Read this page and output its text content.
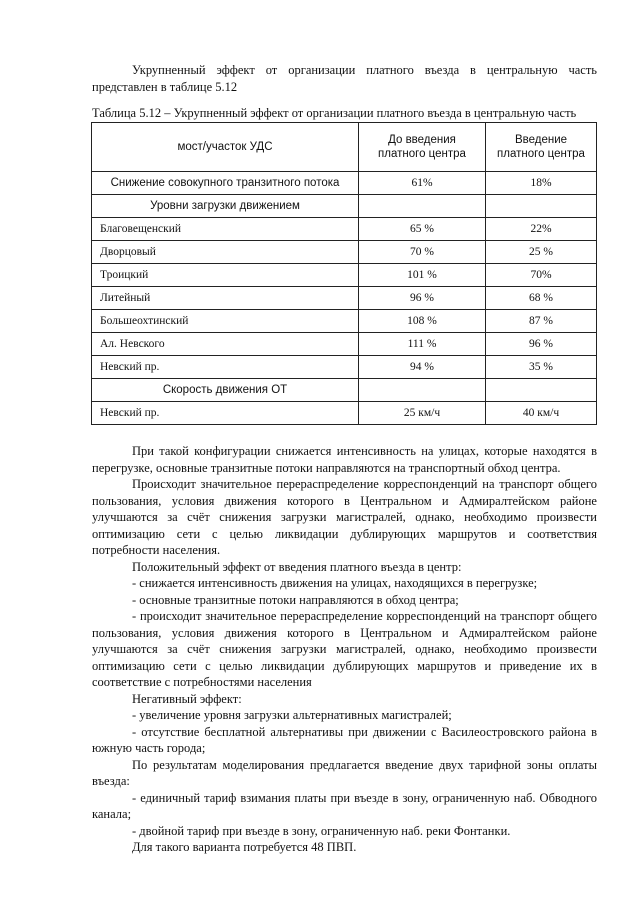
Укрупненный эффект от организации платного въезда в центральную часть представлен в таблице 5.12

Таблица 5.12 – Укрупненный эффект от организации платного въезда в центральную часть

мост/участок УДС	До введения платного центра	Введение платного центра
Снижение совокупного транзитного потока	61%	18%
Уровни загрузки движением		
Благовещенский	65 %	22%
Дворцовый	70 %	25 %
Троицкий	101 %	70%
Литейный	96 %	68 %
Большеохтинский	108 %	87 %
Ал. Невского	111 %	96 %
Невский пр.	94 %	35 %
Скорость движения ОТ		
Невский пр.	25 км/ч	40 км/ч

При такой конфигурации снижается интенсивность на улицах, которые находятся в перегрузке, основные транзитные потоки направляются на транспортный обход центра.

Происходит значительное перераспределение корреспонденций на транспорт общего пользования, условия движения которого в Центральном и Адмиралтейском районе улучшаются за счёт снижения загрузки магистралей, однако, необходимо произвести оптимизацию сети с целью ликвидации дублирующих маршрутов и соответствия потребности населения.

Положительный эффект от введения платного въезда в центр:

- снижается интенсивность движения на улицах, находящихся в перегрузке;

- основные транзитные потоки направляются в обход центра;

- происходит значительное перераспределение корреспонденций на транспорт общего пользования, условия движения которого в Центральном и Адмиралтейском районе улучшаются за счёт снижения загрузки магистралей, однако, необходимо произвести оптимизацию сети с целью ликвидации дублирующих маршрутов и приведение их в соответствие с потребностями населения

Негативный эффект:

- увеличение уровня загрузки альтернативных магистралей;

- отсутствие бесплатной альтернативы при движении с Василеостровского района в южную часть города;

По результатам моделирования предлагается введение двух тарифной зоны оплаты въезда:

- единичный тариф взимания платы при въезде в зону, ограниченную наб. Обводного канала;

- двойной тариф при въезде в зону, ограниченную наб. реки Фонтанки.

Для такого варианта потребуется 48 ПВП.
